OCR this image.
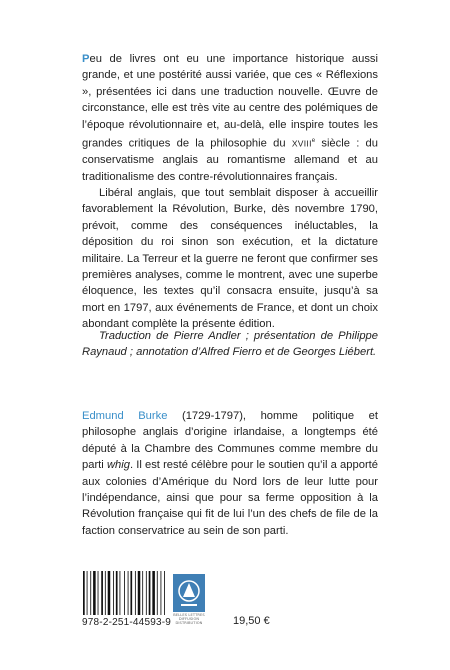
Peu de livres ont eu une importance historique aussi grande, et une postérité aussi variée, que ces « Réflexions », présentées ici dans une traduction nouvelle. Œuvre de circonstance, elle est très vite au centre des polémiques de l’époque révolutionnaire et, au-delà, elle inspire toutes les grandes critiques de la philosophie du XVIIIe siècle : du conservatisme anglais au romantisme allemand et au traditionalisme des contre-révolutionnaires français.

Libéral anglais, que tout semblait disposer à accueillir favorablement la Révolution, Burke, dès novembre 1790, prévoit, comme des conséquences inéluctables, la déposition du roi sinon son exécution, et la dictature militaire. La Terreur et la guerre ne feront que confirmer ses premières analyses, comme le montrent, avec une superbe éloquence, les textes qu’il consacra ensuite, jusqu’à sa mort en 1797, aux événements de France, et dont un choix abondant complète la présente édition.

Traduction de Pierre Andler ; présentation de Philippe Raynaud ; annotation d’Alfred Fierro et de Georges Liébert.

Edmund Burke (1729-1797), homme politique et philosophe anglais d’origine irlandaise, a longtemps été député à la Chambre des Communes comme membre du parti whig. Il est resté célèbre pour le soutien qu’il a apporté aux colonies d’Amérique du Nord lors de leur lutte pour l’indépendance, ainsi que pour sa ferme opposition à la Révolution française qui fit de lui l’un des chefs de file de la faction conservatrice au sein de son parti.

978-2-251-44593-9
BELLES LETTRES DIFFUSION DISTRIBUTION	19,50 €
